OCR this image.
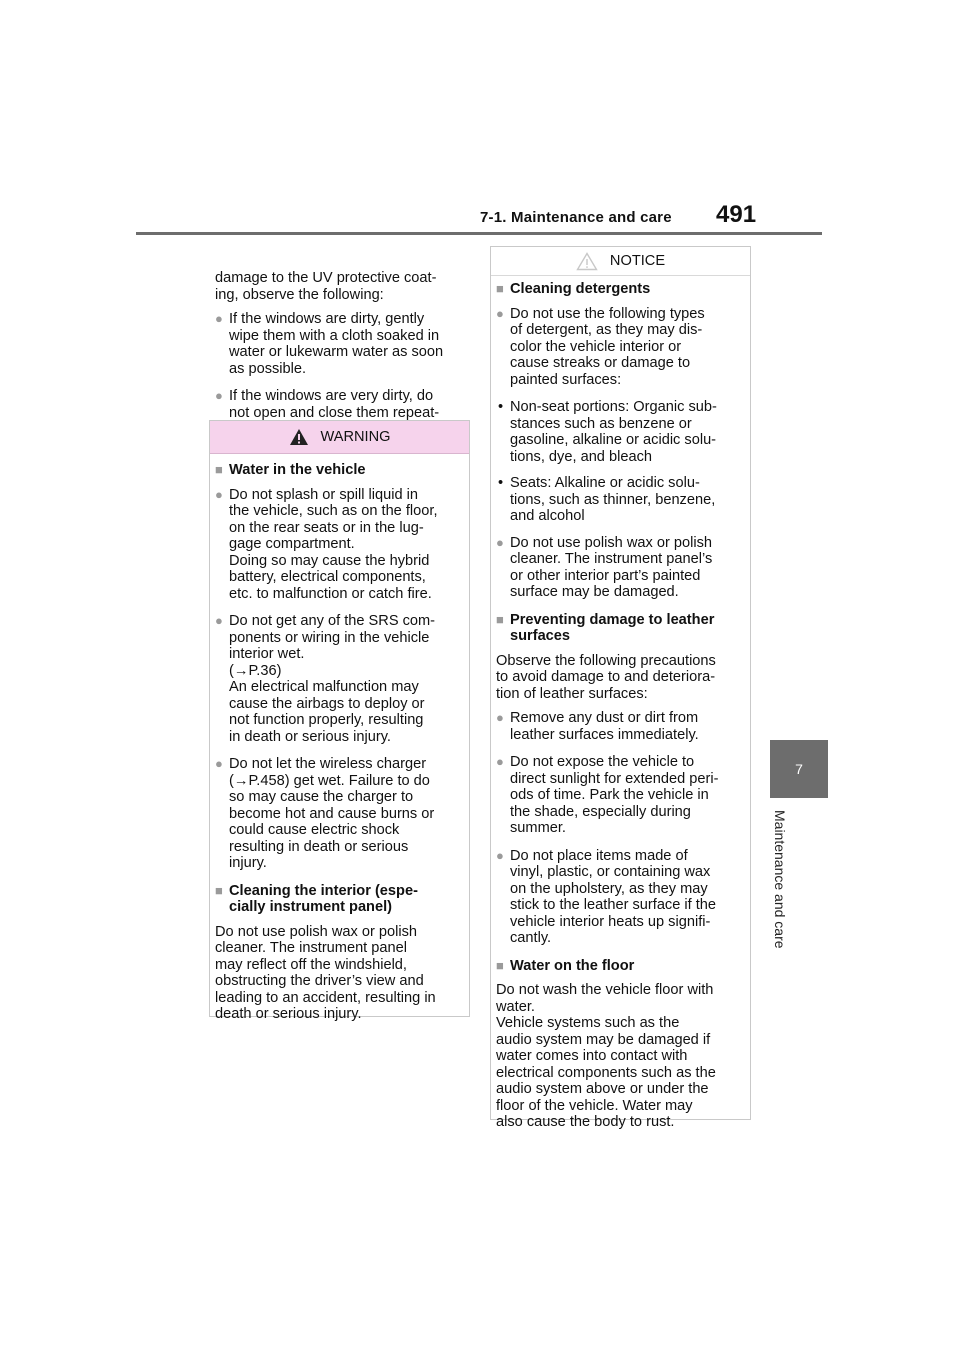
7-1. Maintenance and care 491
7
Maintenance and care
damage to the UV protective coat-
ing, observe the following:
● If the windows are dirty, gently
wipe them with a cloth soaked in
water or lukewarm water as soon
as possible.
● If the windows are very dirty, do
not open and close them repeat-
WARNING
■ Water in the vehicle
● Do not splash or spill liquid in
the vehicle, such as on the floor,
on the rear seats or in the lug-
gage compartment.
Doing so may cause the hybrid
battery, electrical components,
etc. to malfunction or catch fire.
● Do not get any of the SRS com-
ponents or wiring in the vehicle
interior wet.
(→P.36)
An electrical malfunction may
cause the airbags to deploy or
not function properly, resulting
in death or serious injury.
● Do not let the wireless charger
(→P.458) get wet. Failure to do
so may cause the charger to
become hot and cause burns or
could cause electric shock
resulting in death or serious
injury.
■ Cleaning the interior (espe-
cially instrument panel)
Do not use polish wax or polish
cleaner. The instrument panel
may reflect off the windshield,
obstructing the driver’s view and
leading to an accident, resulting in
death or serious injury.
NOTICE
■ Cleaning detergents
● Do not use the following types
of detergent, as they may dis-
color the vehicle interior or
cause streaks or damage to
painted surfaces:
• Non-seat portions: Organic sub-
stances such as benzene or
gasoline, alkaline or acidic solu-
tions, dye, and bleach
• Seats: Alkaline or acidic solu-
tions, such as thinner, benzene,
and alcohol
● Do not use polish wax or polish
cleaner. The instrument panel’s
or other interior part’s painted
surface may be damaged.
■ Preventing damage to leather
surfaces
Observe the following precautions
to avoid damage to and deteriora-
tion of leather surfaces:
● Remove any dust or dirt from
leather surfaces immediately.
● Do not expose the vehicle to
direct sunlight for extended peri-
ods of time. Park the vehicle in
the shade, especially during
summer.
● Do not place items made of
vinyl, plastic, or containing wax
on the upholstery, as they may
stick to the leather surface if the
vehicle interior heats up signifi-
cantly.
■ Water on the floor
Do not wash the vehicle floor with
water.
Vehicle systems such as the
audio system may be damaged if
water comes into contact with
electrical components such as the
audio system above or under the
floor of the vehicle. Water may
also cause the body to rust.
